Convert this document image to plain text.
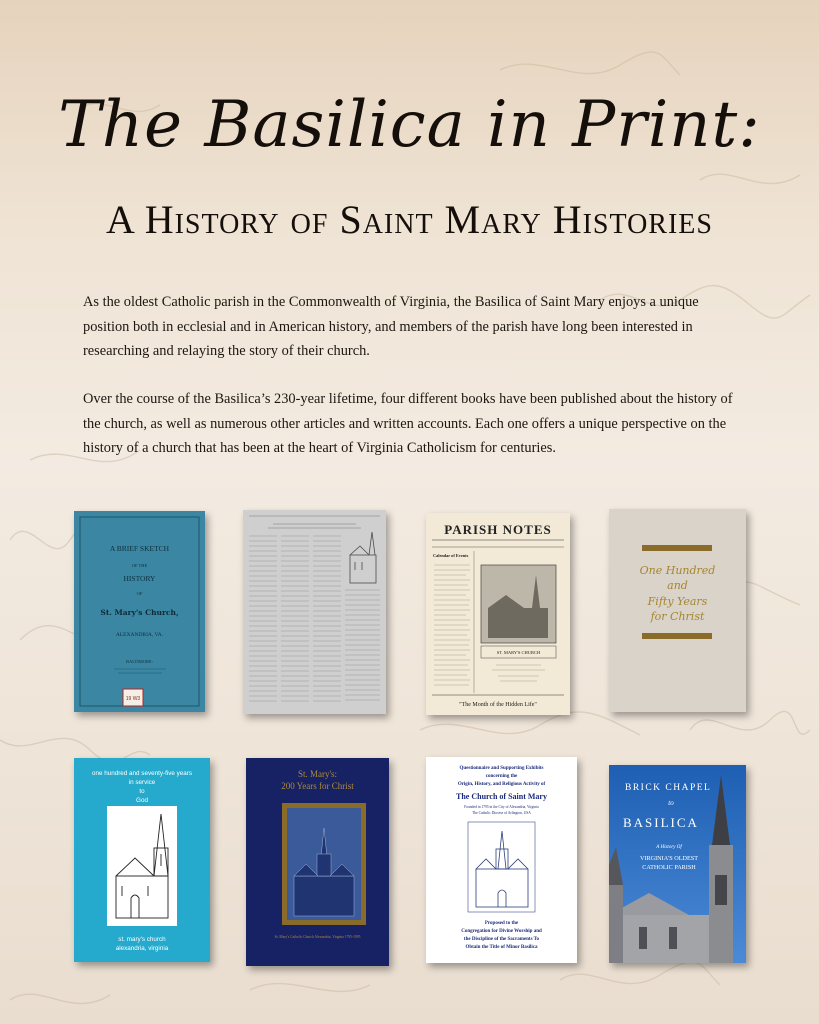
The Basilica in Print:
A History of Saint Mary Histories
As the oldest Catholic parish in the Commonwealth of Virginia, the Basilica of Saint Mary enjoys a unique position both in ecclesial and in American history, and members of the parish have long been interested in researching and relaying the story of their church.
Over the course of the Basilica’s 230-year lifetime, four different books have been published about the history of the church, as well as numerous other articles and written accounts. Each one offers a unique perspective on the history of a church that has been at the heart of Virginia Catholicism for centuries.
A BRIEF SKETCH
OF THE
HISTORY
OF
St. Mary's Church,
ALEXANDRIA, VA.
BALTIMORE:
19 W3
PARISH NOTES
Calendar of Events
ST. MARY'S CHURCH
"The Month of the Hidden Life"
One Hundred
and
Fifty Years
for Christ
one hundred and seventy-five years
in service
to
God
st. mary's church
alexandria, virginia
St. Mary's:
200 Years for Christ
St. Mary's Catholic Church Alexandria, Virginia 1795-1995
Questionnaire and Supporting Exhibits
concerning the
Origin, History, and Religious Activity of
The Church of Saint Mary
Founded in 1795 in the City of Alexandria, Virginia
The Catholic Diocese of Arlington, USA
Proposed to the
Congregation for Divine Worship and
the Discipline of the Sacraments To
Obtain the Title of Minor Basilica
BRICK CHAPEL
to
BASILICA
A History Of
VIRGINIA'S OLDEST
CATHOLIC PARISH
